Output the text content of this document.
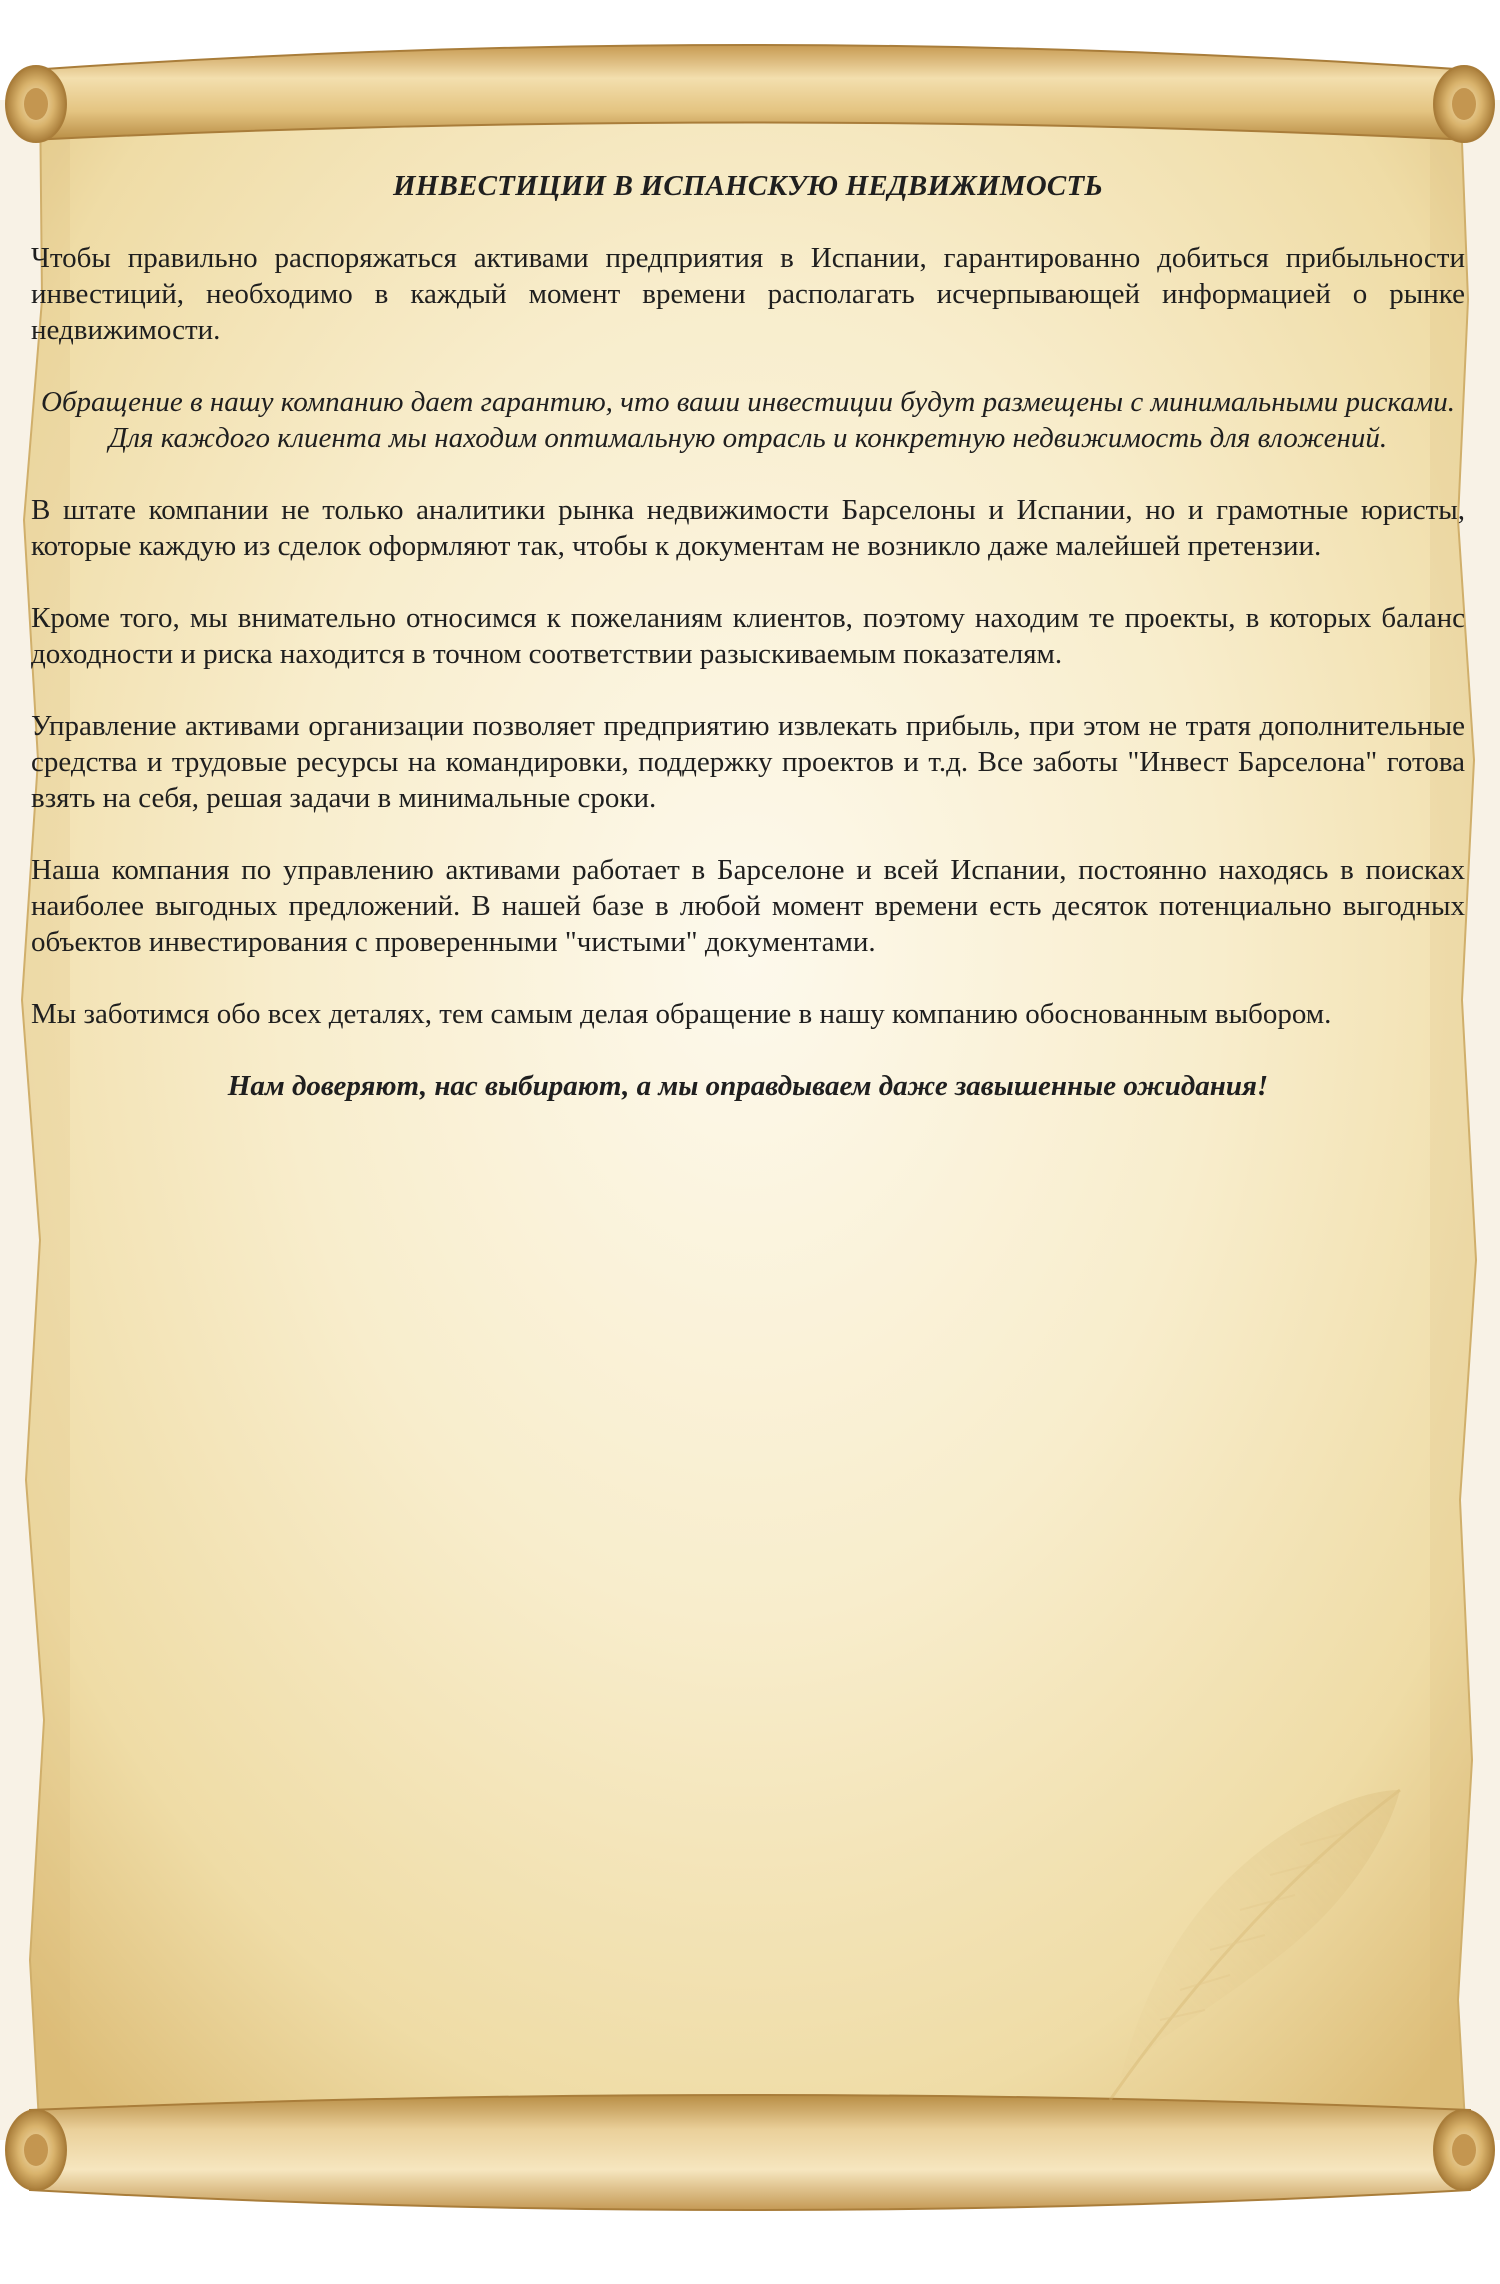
ИНВЕСТИЦИИ В ИСПАНСКУЮ НЕДВИЖИМОСТЬ

Чтобы правильно распоряжаться активами предприятия в Испании, гарантированно добиться прибыльности инвестиций, необходимо в каждый момент времени располагать исчерпывающей информацией о рынке недвижимости.

Обращение в нашу компанию дает гарантию, что ваши инвестиции будут размещены с минимальными рисками. Для каждого клиента мы находим оптимальную отрасль и конкретную недвижимость для вложений.

В штате компании не только аналитики рынка недвижимости Барселоны и Испании, но и грамотные юристы, которые каждую из сделок оформляют так, чтобы к документам не возникло даже малейшей претензии.

Кроме того, мы внимательно относимся к пожеланиям клиентов, поэтому находим те проекты, в которых баланс доходности и риска находится в точном соответствии разыскиваемым показателям.

Управление активами организации позволяет предприятию извлекать прибыль, при этом не тратя дополнительные средства и трудовые ресурсы на командировки, поддержку проектов и т.д. Все заботы "Инвест Барселона" готова взять на себя, решая задачи в минимальные сроки.

Наша компания по управлению активами работает в Барселоне и всей Испании, постоянно находясь в поисках наиболее выгодных предложений. В нашей базе в любой момент времени есть десяток потенциально выгодных объектов инвестирования с проверенными "чистыми" документами.

Мы заботимся обо всех деталях, тем самым делая обращение в нашу компанию обоснованным выбором.

Нам доверяют, нас выбирают, а мы оправдываем даже завышенные ожидания!
